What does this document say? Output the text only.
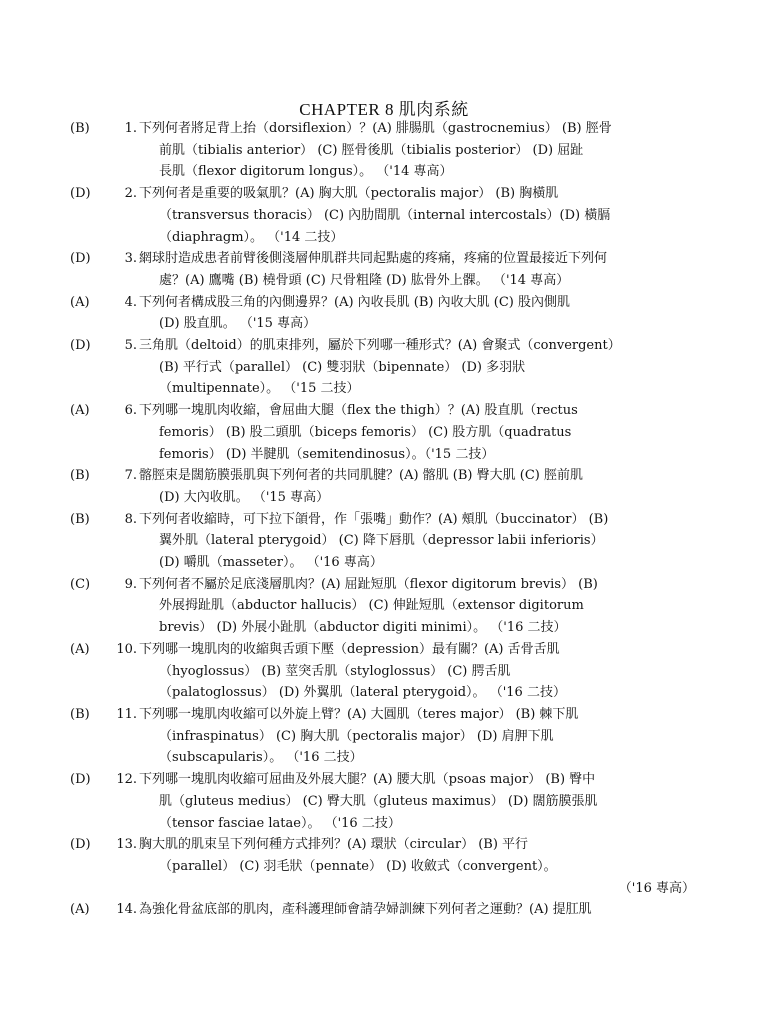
CHAPTER 8 肌肉系統
(B)	1. 下列何者將足背上抬（dorsiflexion）？(A) 腓腸肌（gastrocnemius） (B) 脛骨
前肌（tibialis anterior） (C) 脛骨後肌（tibialis posterior） (D) 屈趾
長肌（flexor digitorum longus）。 （'14 專高）
(D)	2. 下列何者是重要的吸氣肌？(A) 胸大肌（pectoralis major） (B) 胸橫肌
（transversus thoracis） (C) 內肋間肌（internal intercostals）(D) 橫膈
（diaphragm）。 （'14 二技）
(D)	3. 網球肘造成患者前臂後側淺層伸肌群共同起點處的疼痛，疼痛的位置最接近下列何
處？(A) 鷹嘴 (B) 橈骨頭 (C) 尺骨粗隆 (D) 肱骨外上髁。 （'14 專高）
(A)	4. 下列何者構成股三角的內側邊界？(A) 內收長肌 (B) 內收大肌 (C) 股內側肌
(D) 股直肌。 （'15 專高）
(D)	5. 三角肌（deltoid）的肌束排列，屬於下列哪一種形式？(A) 會聚式（convergent）
(B) 平行式（parallel） (C) 雙羽狀（bipennate） (D) 多羽狀
（multipennate）。 （'15 二技）
(A)	6. 下列哪一塊肌肉收縮，會屈曲大腿（flex the thigh）？(A) 股直肌（rectus
femoris） (B) 股二頭肌（biceps femoris） (C) 股方肌（quadratus
femoris） (D) 半腱肌（semitendinosus）。（'15 二技）
(B)	7. 髂脛束是闊筋膜張肌與下列何者的共同肌腱？(A) 髂肌 (B) 臀大肌 (C) 脛前肌
(D) 大內收肌。 （'15 專高）
(B)	8. 下列何者收縮時，可下拉下頜骨，作「張嘴」動作？(A) 頰肌（buccinator） (B)
翼外肌（lateral pterygoid） (C) 降下唇肌（depressor labii inferioris）
(D) 嚼肌（masseter）。 （'16 專高）
(C)	9. 下列何者不屬於足底淺層肌肉？(A) 屈趾短肌（flexor digitorum brevis） (B)
外展拇趾肌（abductor hallucis） (C) 伸趾短肌（extensor digitorum
brevis） (D) 外展小趾肌（abductor digiti minimi）。 （'16 二技）
(A)	10. 下列哪一塊肌肉的收縮與舌頭下壓（depression）最有關？(A) 舌骨舌肌
（hyoglossus） (B) 莖突舌肌（styloglossus） (C) 腭舌肌
（palatoglossus） (D) 外翼肌（lateral pterygoid）。 （'16 二技）
(B)	11. 下列哪一塊肌肉收縮可以外旋上臂？(A) 大圓肌（teres major） (B) 棘下肌
（infraspinatus） (C) 胸大肌（pectoralis major） (D) 肩胛下肌
（subscapularis）。 （'16 二技）
(D)	12. 下列哪一塊肌肉收縮可屈曲及外展大腿？(A) 腰大肌（psoas major） (B) 臀中
肌（gluteus medius） (C) 臀大肌（gluteus maximus） (D) 闊筋膜張肌
（tensor fasciae latae）。 （'16 二技）
(D)	13. 胸大肌的肌束呈下列何種方式排列？(A) 環狀（circular） (B) 平行
（parallel） (C) 羽毛狀（pennate） (D) 收斂式（convergent）。
（'16 專高）
(A)	14. 為強化骨盆底部的肌肉，產科護理師會請孕婦訓練下列何者之運動？(A) 提肛肌
